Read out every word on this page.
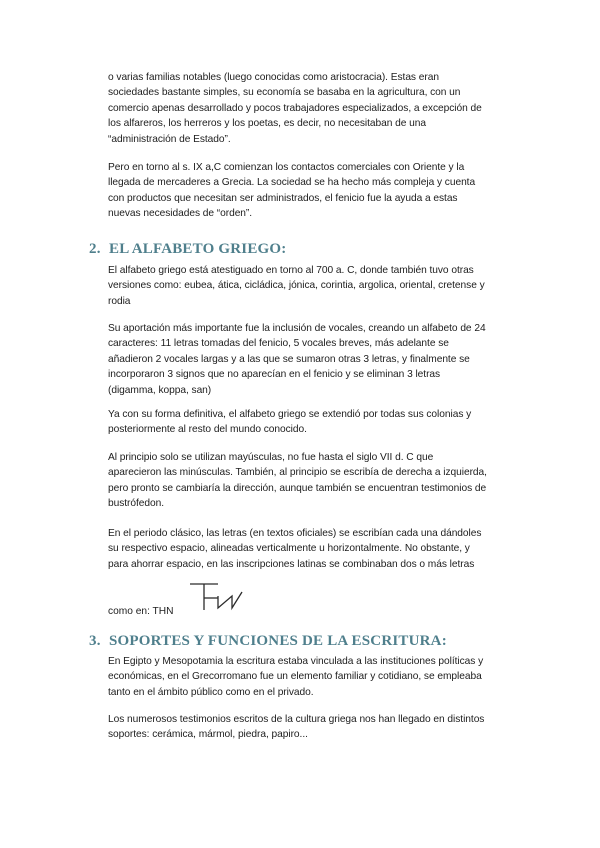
o varias familias notables (luego conocidas como aristocracia). Estas eran
sociedades bastante simples, su economía se basaba en la agricultura, con un
comercio apenas desarrollado y pocos trabajadores especializados, a excepción de
los alfareros, los herreros y los poetas, es decir, no necesitaban de una
“administración de Estado”.

Pero en torno al s. IX a,C comienzan los contactos comerciales con Oriente y la
llegada de mercaderes a Grecia. La sociedad se ha hecho más compleja y cuenta
con productos que necesitan ser administrados, el fenicio fue la ayuda a estas
nuevas necesidades de “orden”.

2. EL ALFABETO GRIEGO:

El alfabeto griego está atestiguado en torno al 700 a. C, donde también tuvo otras
versiones como: eubea, ática, cicládica, jónica, corintia, argolica, oriental, cretense y
rodia

Su aportación más importante fue la inclusión de vocales, creando un alfabeto de 24
caracteres: 11 letras tomadas del fenicio, 5 vocales breves, más adelante se
añadieron 2 vocales largas y a las que se sumaron otras 3 letras, y finalmente se
incorporaron 3 signos que no aparecían en el fenicio y se eliminan 3 letras
(digamma, koppa, san)

Ya con su forma definitiva, el alfabeto griego se extendió por todas sus colonias y
posteriormente al resto del mundo conocido.

Al principio solo se utilizan mayúsculas, no fue hasta el siglo VII d. C que
aparecieron las minúsculas. También, al principio se escribía de derecha a izquierda,
pero pronto se cambiaría la dirección, aunque también se encuentran testimonios de
bustrófedon.

En el periodo clásico, las letras (en textos oficiales) se escribían cada una dándoles
su respectivo espacio, alineadas verticalmente u horizontalmente. No obstante, y
para ahorrar espacio, en las inscripciones latinas se combinaban dos o más letras

como en: THN
3. SOPORTES Y FUNCIONES DE LA ESCRITURA:

En Egipto y Mesopotamia la escritura estaba vinculada a las instituciones políticas y
económicas, en el Grecorromano fue un elemento familiar y cotidiano, se empleaba
tanto en el ámbito público como en el privado.

Los numerosos testimonios escritos de la cultura griega nos han llegado en distintos
soportes: cerámica, mármol, piedra, papiro...
